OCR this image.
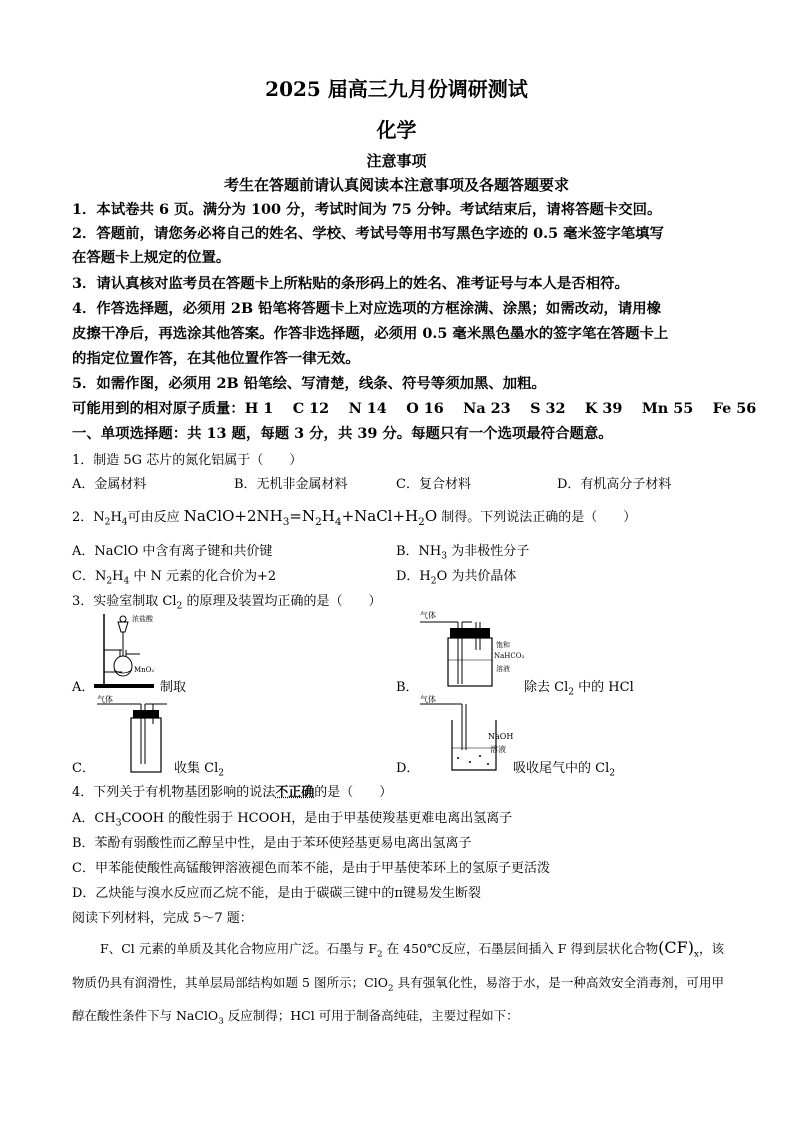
2025 届高三九月份调研测试
化学
注意事项
考生在答题前请认真阅读本注意事项及各题答题要求
1．本试卷共 6 页。满分为 100 分，考试时间为 75 分钟。考试结束后，请将答题卡交回。
2．答题前，请您务必将自己的姓名、学校、考试号等用书写黑色字迹的 0.5 毫米签字笔填写
在答题卡上规定的位置。
3．请认真核对监考员在答题卡上所粘贴的条形码上的姓名、准考证号与本人是否相符。
4．作答选择题，必须用 2B 铅笔将答题卡上对应选项的方框涂满、涂黑；如需改动，请用橡
皮擦干净后，再选涂其他答案。作答非选择题，必须用 0.5 毫米黑色墨水的签字笔在答题卡上
的指定位置作答，在其他位置作答一律无效。
5．如需作图，必须用 2B 铅笔绘、写清楚，线条、符号等须加黑、加粗。
可能用到的相对原子质量：H 1　 C 12　 N 14　 O 16　 Na 23　 S 32　 K 39　 Mn 55　 Fe 56
一、单项选择题：共 13 题，每题 3 分，共 39 分。每题只有一个选项最符合题意。
1．制造 5G 芯片的氮化铝属于（　　）
A．金属材料	B．无机非金属材料	C．复合材料	D．有机高分子材料
2．$N_2H_4$可由反应 $NaClO+2NH_3=N_2H_4+NaCl+H_2O$ 制得。下列说法正确的是（　　）
A．NaClO 中含有离子键和共价键	B．$NH_3$ 为非极性分子
C．$N_2H_4$ 中 N 元素的化合价为+2	D．$H_2O$ 为共价晶体
3．实验室制取 $Cl_2$ 的原理及装置均正确的是（　　）
A．
浓盐酸
MnO₂
制取	B．
气体
饱和
NaHCO₃
溶液
除去 $Cl_2$ 中的 HCl
C．
气体
收集 $Cl_2$	D．
气体
NaOH
溶液
吸收尾气中的 $Cl_2$
4．下列关于有机物基团影响的说法不正确的是（　　）
A．$CH_3COOH$ 的酸性弱于 HCOOH，是由于甲基使羧基更难电离出氢离子
B．苯酚有弱酸性而乙醇呈中性，是由于苯环使羟基更易电离出氢离子
C．甲苯能使酸性高锰酸钾溶液褪色而苯不能，是由于甲基使苯环上的氢原子更活泼
D．乙炔能与溴水反应而乙烷不能，是由于碳碳三键中的π键易发生断裂
阅读下列材料，完成 5～7 题：
F、Cl 元素的单质及其化合物应用广泛。石墨与 $F_2$ 在 450℃反应，石墨层间插入 F 得到层状化合物$(CF)_x$，该物质仍具有润滑性，其单层局部结构如题 5 图所示；ClO$_2$ 具有强氧化性，易溶于水，是一种高效安全消毒剂，可用甲醇在酸性条件下与 NaClO$_3$ 反应制得；HCl 可用于制备高纯硅，主要过程如下：
